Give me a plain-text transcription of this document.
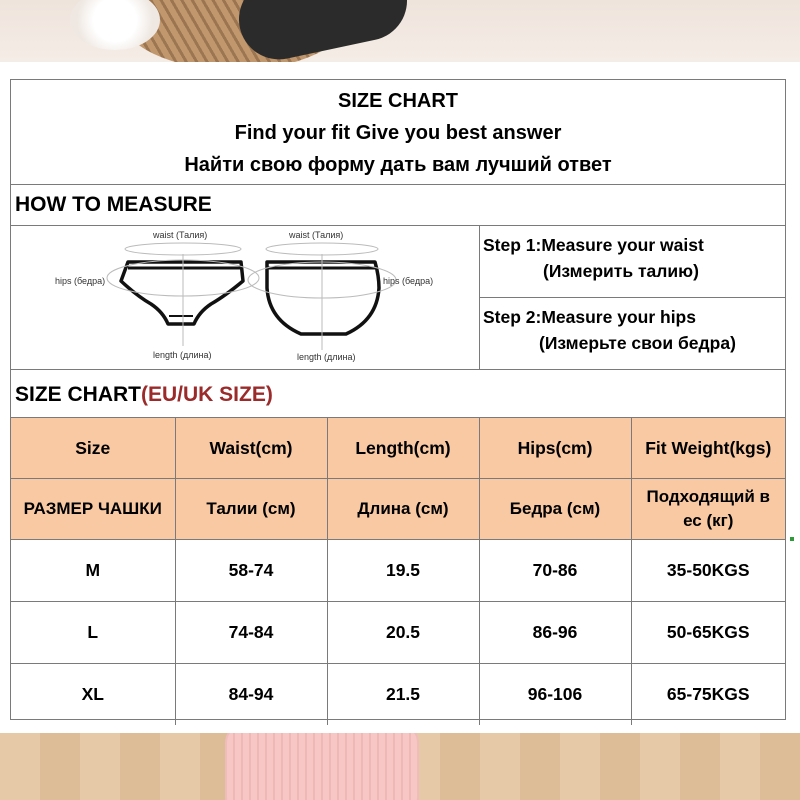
SIZE CHART
Find your fit Give you best answer
Найти свою форму дать вам лучший ответ
HOW TO MEASURE
waist (Талия)	waist (Талия)
hips (бедра)	hips (бедра)
length (длина)	length (длина)
Step 1:Measure your waist
(Измерить талию)
Step 2:Measure your hips
(Измерьте свои бедра)
SIZE CHART(EU/UK SIZE)
Size	Waist(cm)	Length(cm)	Hips(cm)	Fit Weight(kgs)
РАЗМЕР ЧАШКИ	Талии (см)	Длина (см)	Бедра (см)	Подходящий в ес (кг)
M	58-74	19.5	70-86	35-50KGS
L	74-84	20.5	86-96	50-65KGS
XL	84-94	21.5	96-106	65-75KGS
